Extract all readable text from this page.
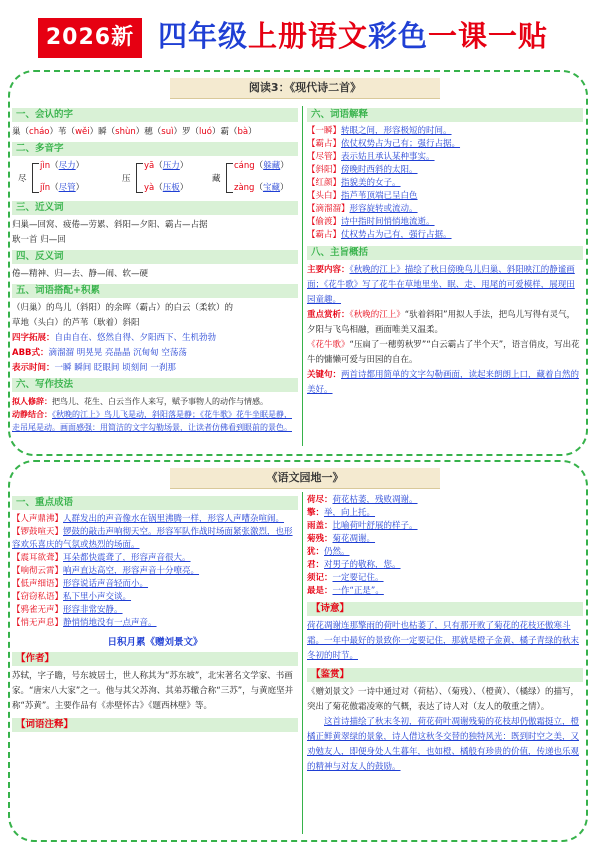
2026新 四年级上册语文彩色一课一贴
阅读3：《现代诗二首》
一、会认的字
巢（cháo）苇（wěi）瞬（shùn）穗（suì）罗（luó）霸（bà）
二、多音字
尽
jìn（尽力）
jǐn（尽管）
压
yā（压力）
yà（压板）
藏
cáng（躲藏）
zàng（宝藏）
三、近义词
归巢—回窝、疲倦—劳累、斜阳—夕阳、霸占—占据
耿一首 归—回
四、反义词
倦—精神、归—去、静—闹、软—硬
五、词语搭配+积累
（归巢）的鸟儿（斜阳）的余晖（霸占）的白云（柔软）的
草地（头白）的芦苇（耿着）斜阳
四字拓展：自由自在、悠然自得、夕阳西下、生机勃勃
ABB式：滴溜溜 明晃晃 亮晶晶 沉甸甸 空荡荡
表示时间：一瞬 瞬间 眨眼间 顷刻间 一刹那
六、写作技法
拟人修辞：把鸟儿、花生、白云当作人来写，赋予事物人的动作与情感。
动静结合：《秋晚的江上》鸟儿飞是动，斜阳落是静；《花牛歌》花牛坐眠是静，走吊尾是动。画面感强：用简洁的文字勾勒场景，让读者仿佛看到眼前的景色。
六、词语解释
【一瞬】转眼之间，形容极短的时间。
【霸占】依仗权势占为己有；强行占据。
【尽管】表示姑且承认某种事实。
【斜阳】傍晚时西斜的太阳。
【红颜】指貌美的女子。
【头白】指芦苇顶端已呈白色
【滴溜溜】形容旋转或流动。
【偷渡】诗中指时间悄悄地流逝。
【霸占】仗权势占为己有，强行占据。
八、主旨概括
主要内容：《秋晚的江上》描绘了秋日傍晚鸟儿归巢、斜阳映江的静谧画面；《花牛歌》写了花牛在草地里坐、眠、走、甩尾的可爱模样，展现田园童趣。
重点赏析：《秋晚的江上》“驮着斜阳”用拟人手法，把鸟儿写得有灵气，夕阳与飞鸟相融，画面唯美又温柔。
《花牛歌》“压扁了一穗剪秋罗”“白云霸占了半个天”，语言俏皮，写出花牛的慵懒可爱与田园的自在。
关键句：两首诗都用简单的文字勾勒画面，读起来朗朗上口，藏着自然的美好。
《语文园地一》
一、重点成语
【人声鼎沸】人群发出的声音像水在锅里沸腾一样，形容人声嘈杂喧闹。
【锣鼓喧天】锣鼓的敲击声响彻天空。形容军队作战时场面紧张激烈，也形容欢乐喜庆的气氛或热烈的场面。
【震耳欲聋】耳朵都快震聋了，形容声音很大。
【响彻云霄】响声直达高空，形容声音十分嘹亮。
【低声细语】形容说话声音轻而小。
【窃窃私语】私下里小声交谈。
【鸦雀无声】形容非常安静。
【悄无声息】静悄悄地没有一点声音。
日积月累《赠刘景文》
【作者】
苏轼，字子瞻，号东坡居士，世人称其为“苏东坡”，北宋著名文学家、书画家。“唐宋八大家”之一。他与其父苏洵、其弟苏辙合称“三苏”，与黄庭坚并称“苏黄”。主要作品有《赤壁怀古》《题西林壁》等。
【词语注释】
荷尽：荷花枯萎，残败凋谢。
擎：举，向上托。
雨盖：比喻荷叶舒展的样子。
菊残：菊花凋谢。
犹：仍然。
君：对男子的敬称，您。
须记：一定要记住。
最是：一作“正是”。
【诗意】
荷花凋谢连那擎雨的荷叶也枯萎了，只有那开败了菊花的花枝还傲寒斗霜。一年中最好的景致你一定要记住，那就是橙子金黄、橘子青绿的秋末冬初的时节。
【鉴赏】
《赠刘景文》一诗中通过对（荷枯）、（菊残）、（橙黄）、（橘绿）的描写，突出了菊花傲霜凌寒的气概，表达了诗人对（友人的敬重之情）。
这首诗描绘了秋末冬初，荷花荷叶凋谢残菊的花枝却仍傲霜挺立，橙橘正鲜黄翠绿的景象，诗人借这秋冬交替的独特风光：既到时空之美，又劝勉友人，即便身处人生暮年，也如橙、橘般有珍贵的价值，传递也乐观的精神与对友人的鼓励。
